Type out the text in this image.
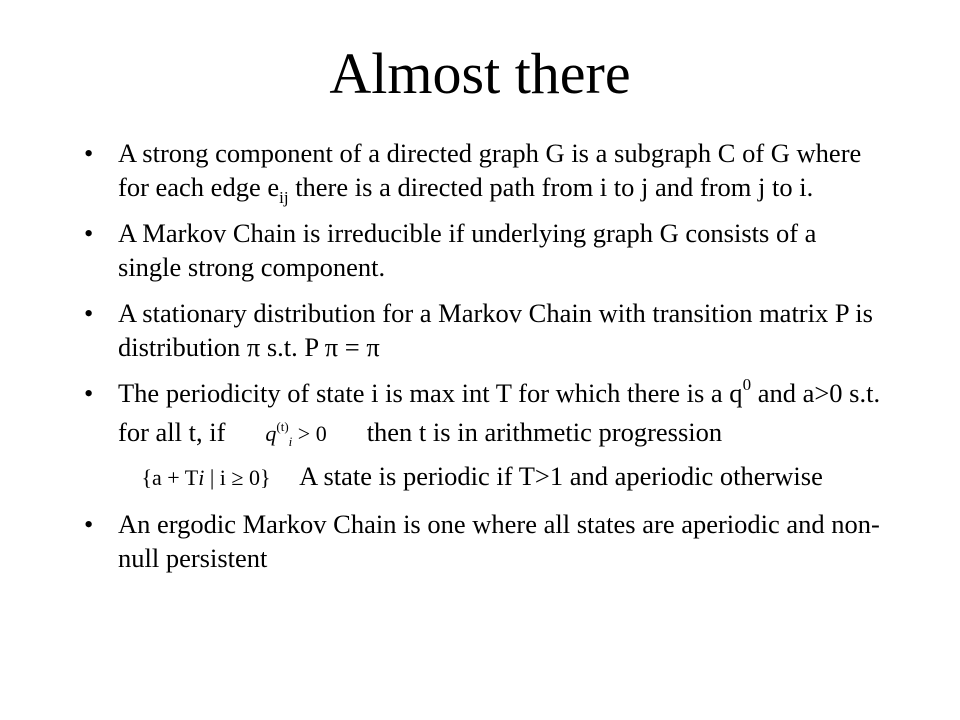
Almost there
• A strong component of a directed graph G is a subgraph C of G where for each edge $e_{ij}$ there is a directed path from i to j and from j to i.
• A Markov Chain is irreducible if underlying graph G consists of a single strong component.
• A stationary distribution for a Markov Chain with transition matrix P is distribution π s.t. P π = π
• The periodicity of state i is max int T for which there is a $q^0$ and a>0 s.t. for all t, if $q^{(t)}_i > 0$ then t is in arithmetic progression {a + Ti | i ≥ 0} A state is periodic if T>1 and aperiodic otherwise
• An ergodic Markov Chain is one where all states are aperiodic and non-null persistent
